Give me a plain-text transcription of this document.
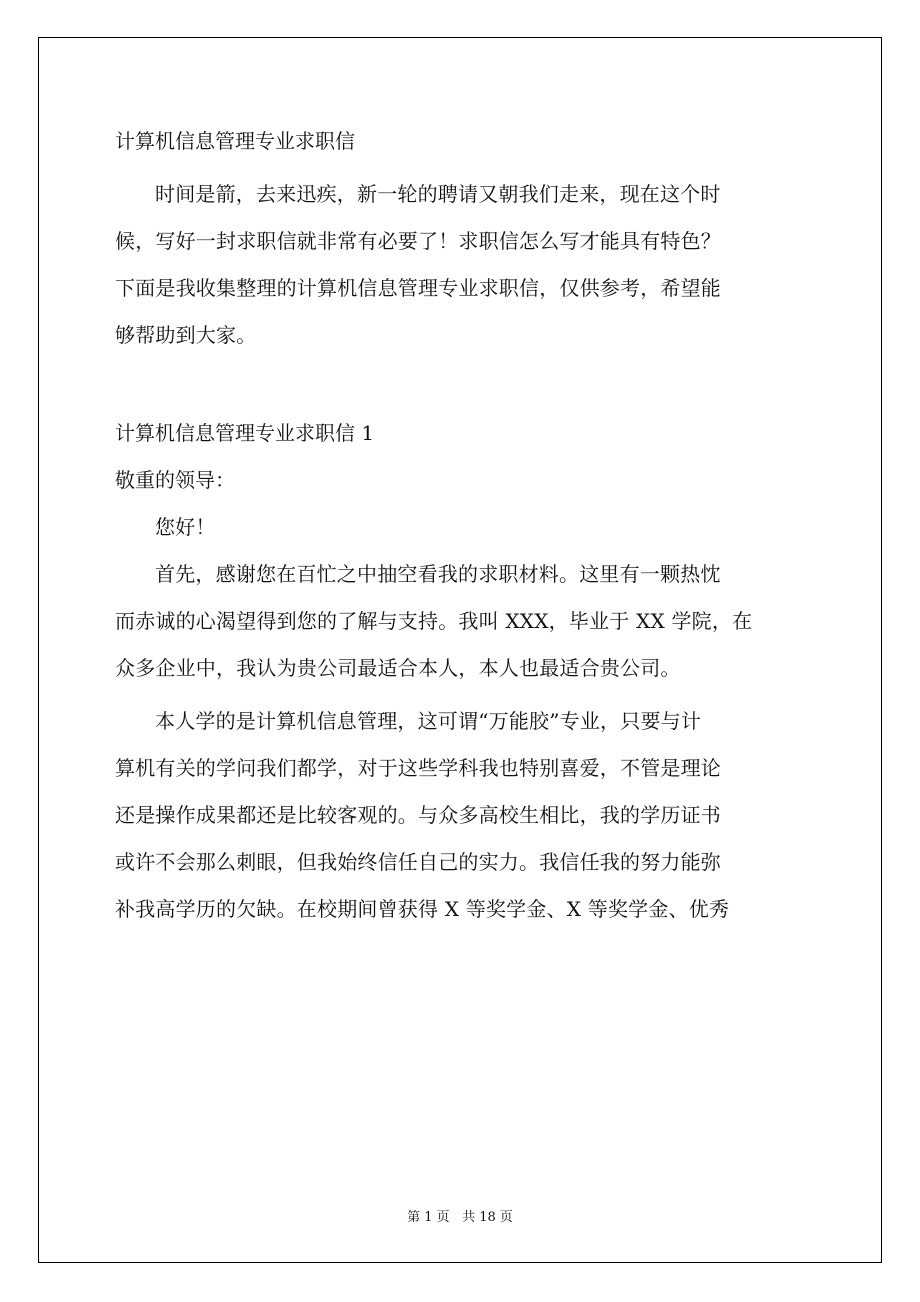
计算机信息管理专业求职信
时间是箭，去来迅疾，新一轮的聘请又朝我们走来，现在这个时
候，写好一封求职信就非常有必要了！求职信怎么写才能具有特色？
下面是我收集整理的计算机信息管理专业求职信，仅供参考，希望能
够帮助到大家。
计算机信息管理专业求职信 1
敬重的领导：
您好！
首先，感谢您在百忙之中抽空看我的求职材料。这里有一颗热忱
而赤诚的心渴望得到您的了解与支持。我叫 XXX，毕业于 XX 学院，在
众多企业中，我认为贵公司最适合本人，本人也最适合贵公司。
本人学的是计算机信息管理，这可谓“万能胶”专业，只要与计
算机有关的学问我们都学，对于这些学科我也特别喜爱，不管是理论
还是操作成果都还是比较客观的。与众多高校生相比，我的学历证书
或许不会那么刺眼，但我始终信任自己的实力。我信任我的努力能弥
补我高学历的欠缺。在校期间曾获得 X 等奖学金、X 等奖学金、优秀
第 1 页 共 18 页
